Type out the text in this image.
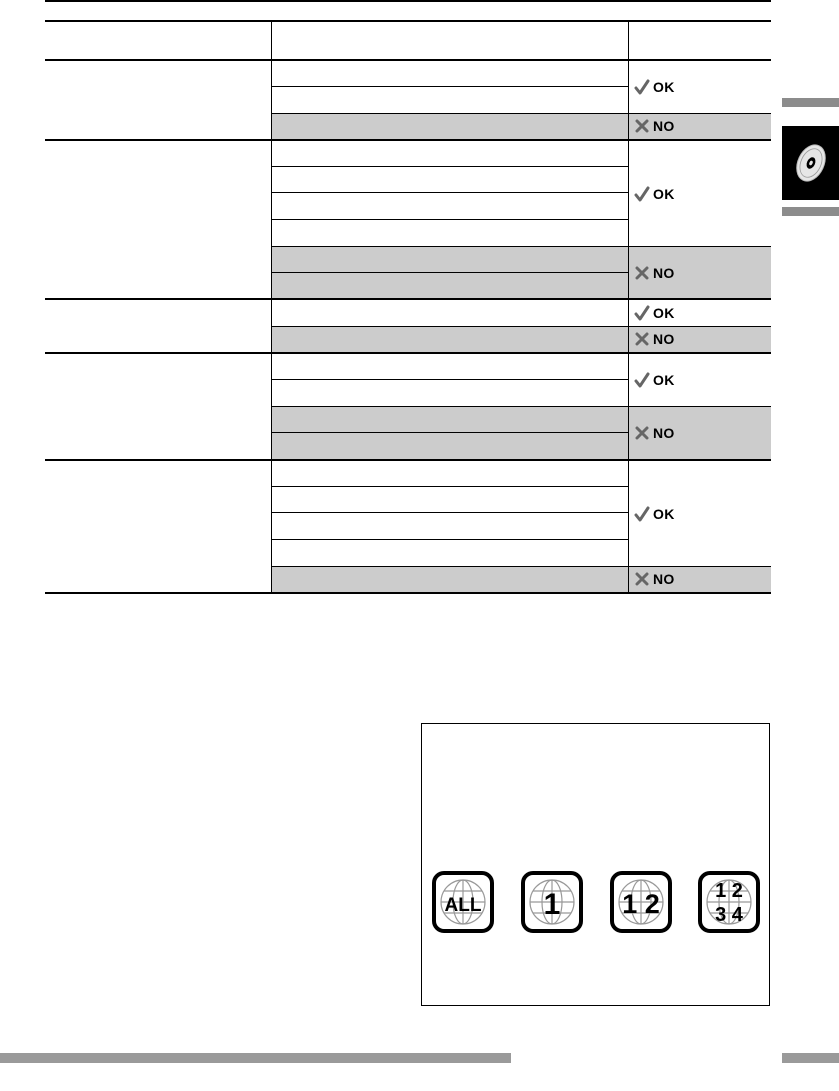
OK
NO
OK
NO
OK
NO
OK
NO
OK
NO
ALL 1 1 2	1 2
3 4
